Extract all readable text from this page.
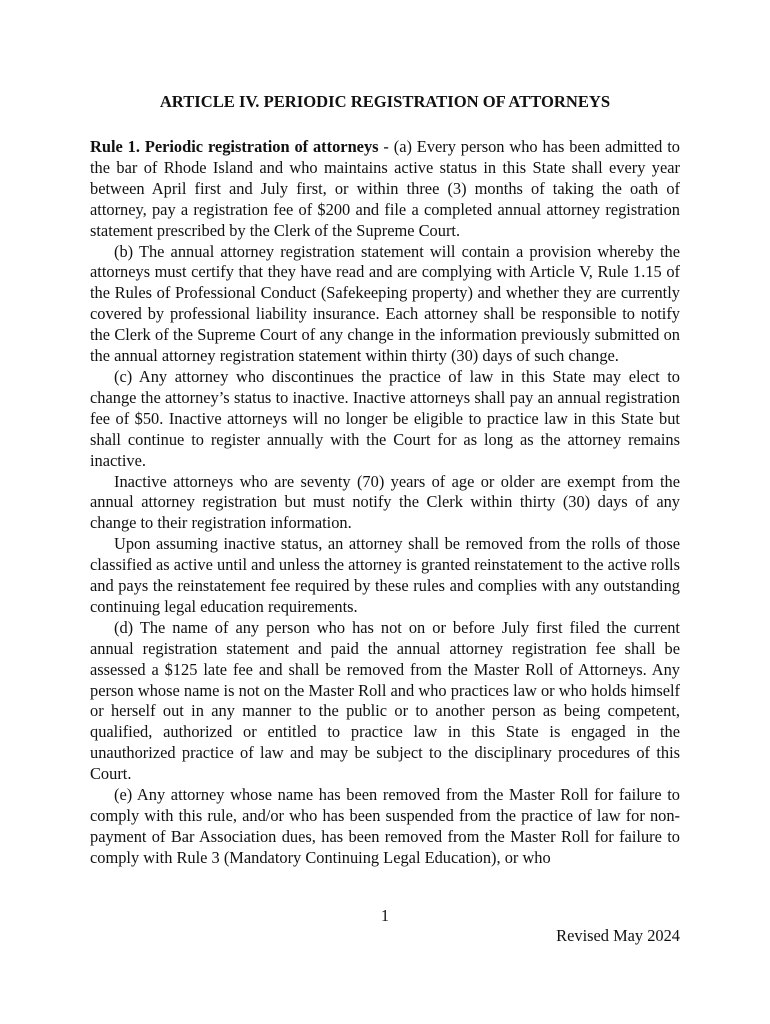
ARTICLE IV. PERIODIC REGISTRATION OF ATTORNEYS

Rule 1. Periodic registration of attorneys - (a) Every person who has been admitted to the bar of Rhode Island and who maintains active status in this State shall every year between April first and July first, or within three (3) months of taking the oath of attorney, pay a registration fee of $200 and file a completed annual attorney registration statement prescribed by the Clerk of the Supreme Court.

(b) The annual attorney registration statement will contain a provision whereby the attorneys must certify that they have read and are complying with Article V, Rule 1.15 of the Rules of Professional Conduct (Safekeeping property) and whether they are currently covered by professional liability insurance. Each attorney shall be responsible to notify the Clerk of the Supreme Court of any change in the information previously submitted on the annual attorney registration statement within thirty (30) days of such change.

(c) Any attorney who discontinues the practice of law in this State may elect to change the attorney’s status to inactive. Inactive attorneys shall pay an annual registration fee of $50. Inactive attorneys will no longer be eligible to practice law in this State but shall continue to register annually with the Court for as long as the attorney remains inactive.

Inactive attorneys who are seventy (70) years of age or older are exempt from the annual attorney registration but must notify the Clerk within thirty (30) days of any change to their registration information.

Upon assuming inactive status, an attorney shall be removed from the rolls of those classified as active until and unless the attorney is granted reinstatement to the active rolls and pays the reinstatement fee required by these rules and complies with any outstanding continuing legal education requirements.

(d) The name of any person who has not on or before July first filed the current annual registration statement and paid the annual attorney registration fee shall be assessed a $125 late fee and shall be removed from the Master Roll of Attorneys. Any person whose name is not on the Master Roll and who practices law or who holds himself or herself out in any manner to the public or to another person as being competent, qualified, authorized or entitled to practice law in this State is engaged in the unauthorized practice of law and may be subject to the disciplinary procedures of this Court.

(e) Any attorney whose name has been removed from the Master Roll for failure to comply with this rule, and/or who has been suspended from the practice of law for non-payment of Bar Association dues, has been removed from the Master Roll for failure to comply with Rule 3 (Mandatory Continuing Legal Education), or who

1
Revised May 2024
